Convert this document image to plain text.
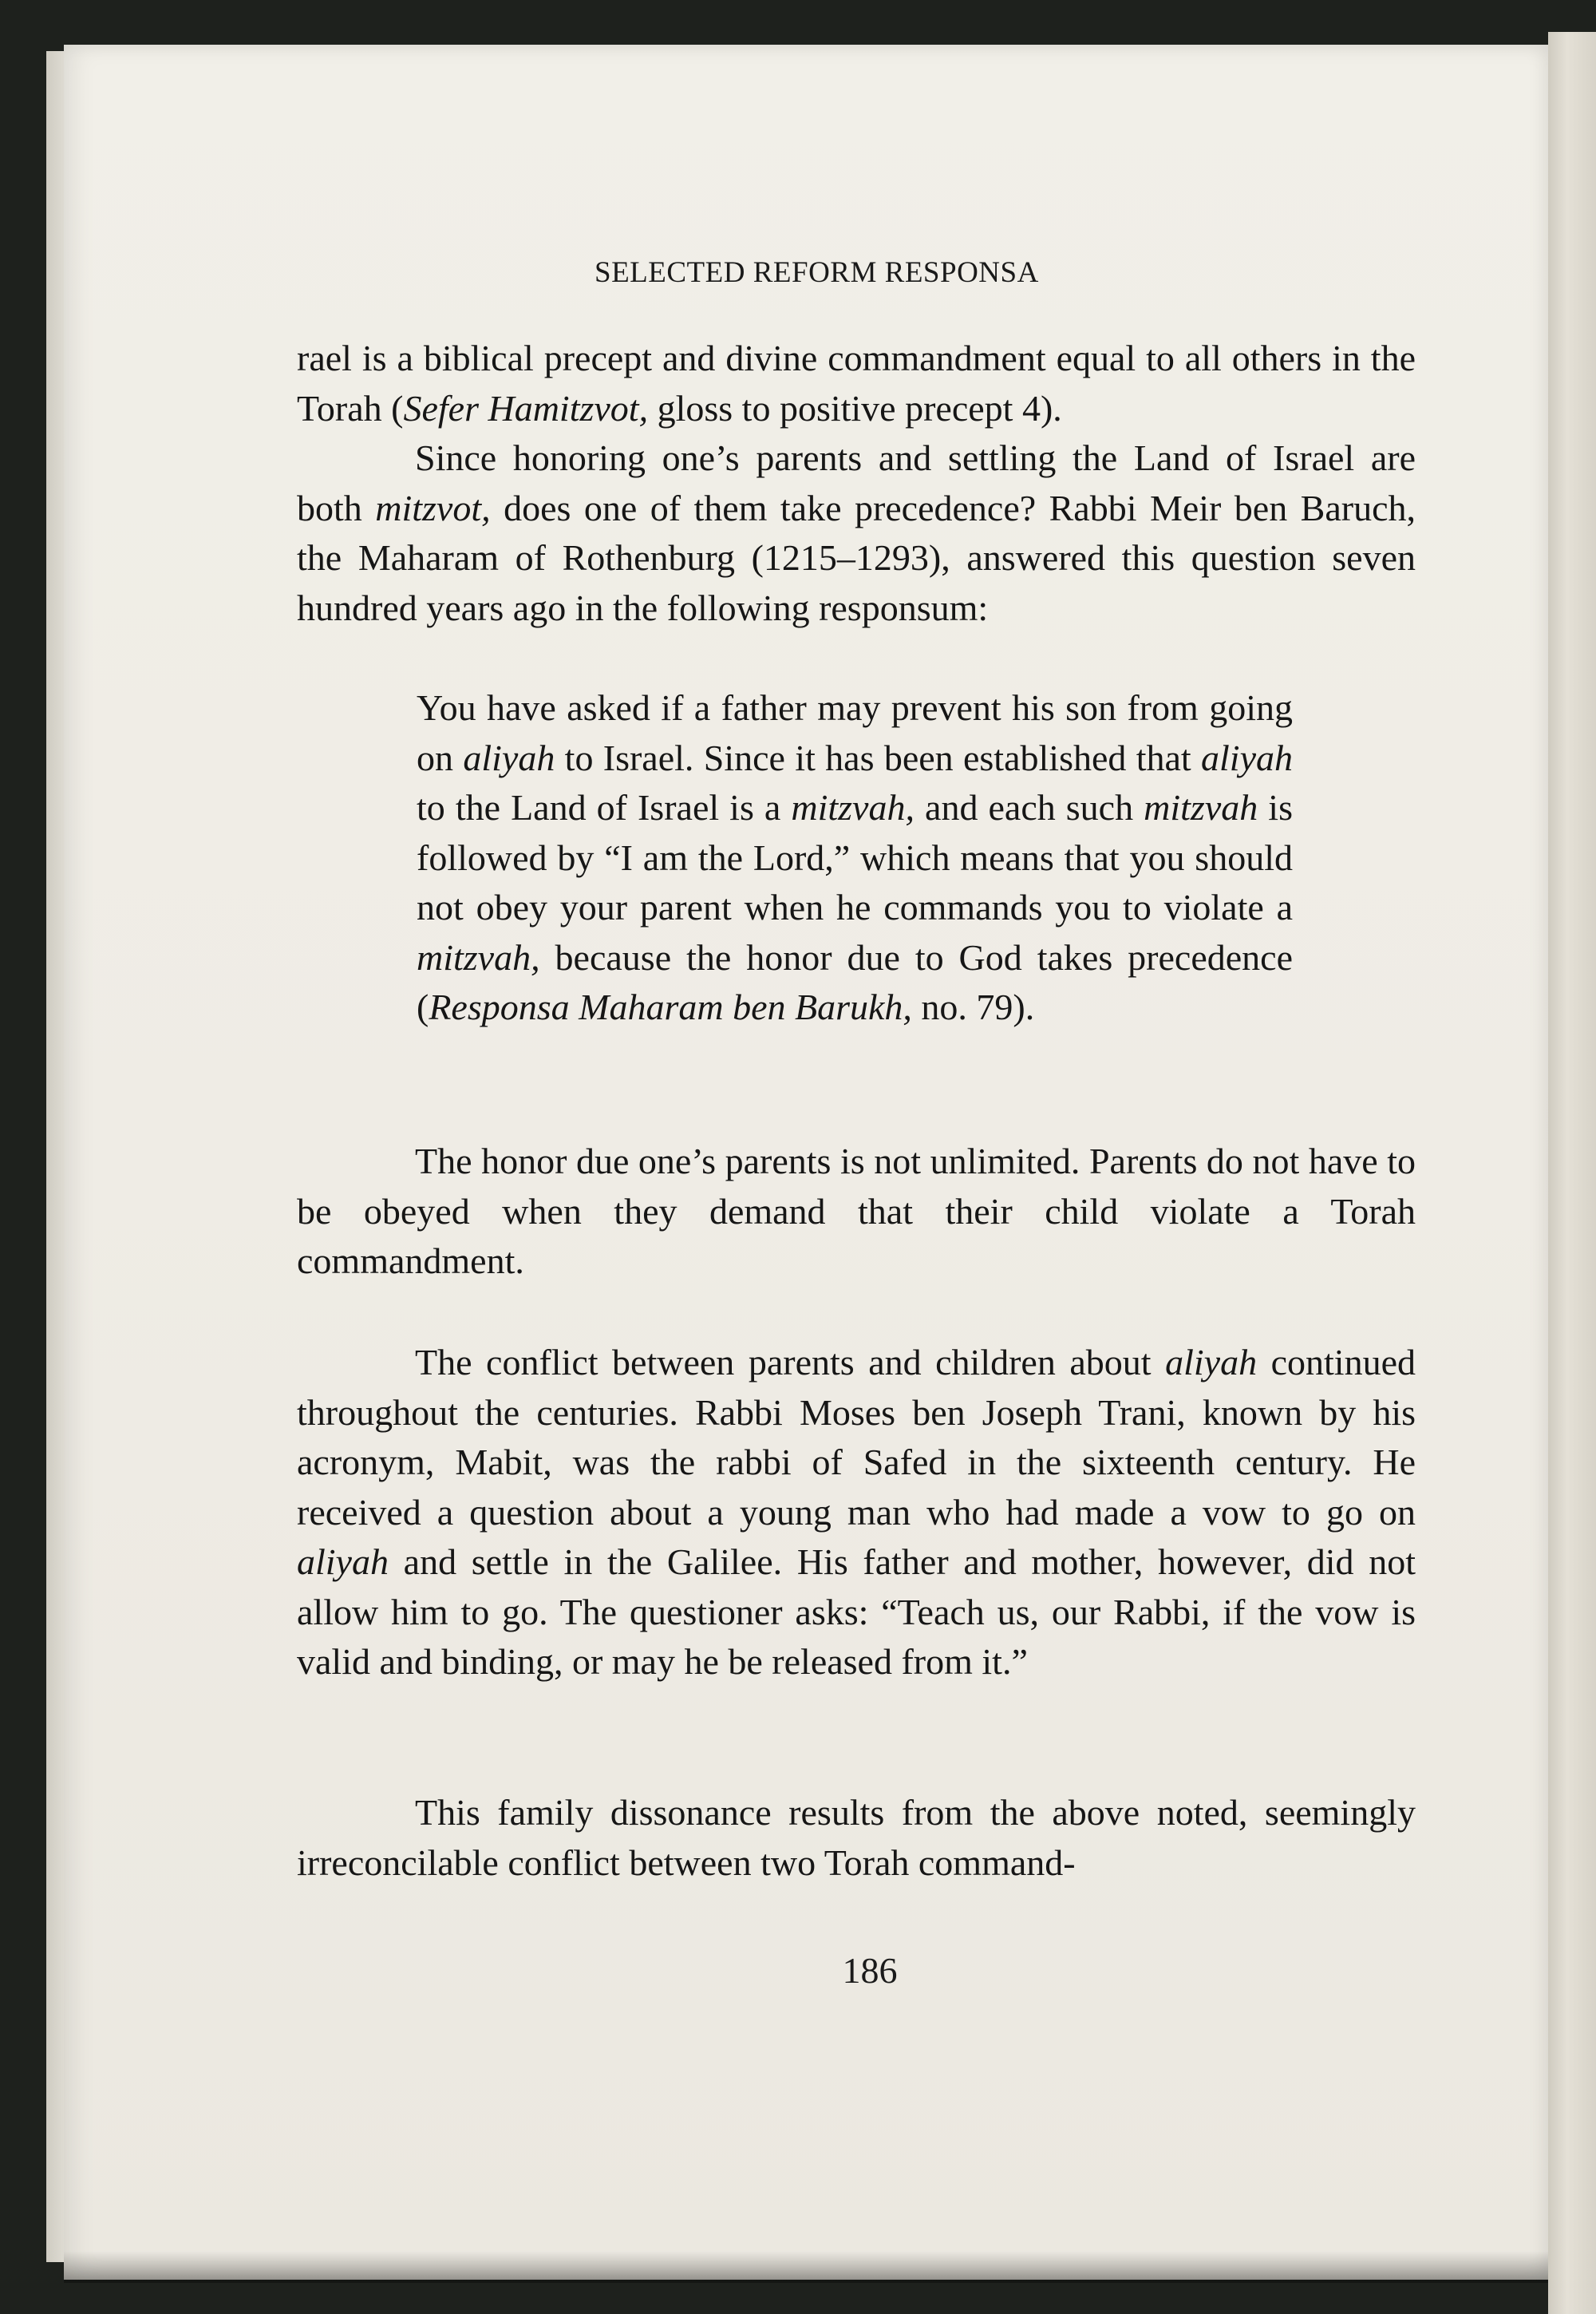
SELECTED REFORM RESPONSA
rael is a biblical precept and divine commandment equal to all others in the Torah (Sefer Hamitzvot, gloss to positive precept 4).
Since honoring one’s parents and settling the Land of Israel are both mitzvot, does one of them take precedence? Rabbi Meir ben Baruch, the Maharam of Rothenburg (1215–1293), answered this question seven hundred years ago in the following responsum:
You have asked if a father may prevent his son from going on aliyah to Israel. Since it has been established that aliyah to the Land of Israel is a mitzvah, and each such mitzvah is followed by “I am the Lord,” which means that you should not obey your parent when he commands you to violate a mitzvah, because the honor due to God takes precedence (Responsa Maharam ben Barukh, no. 79).
The honor due one’s parents is not unlimited. Parents do not have to be obeyed when they demand that their child violate a Torah commandment.
The conflict between parents and children about aliyah continued throughout the centuries. Rabbi Moses ben Joseph Trani, known by his acronym, Mabit, was the rabbi of Safed in the sixteenth century. He received a question about a young man who had made a vow to go on aliyah and settle in the Galilee. His father and mother, however, did not allow him to go. The questioner asks: “Teach us, our Rabbi, if the vow is valid and binding, or may he be released from it.”
This family dissonance results from the above noted, seemingly irreconcilable conflict between two Torah command-
186
